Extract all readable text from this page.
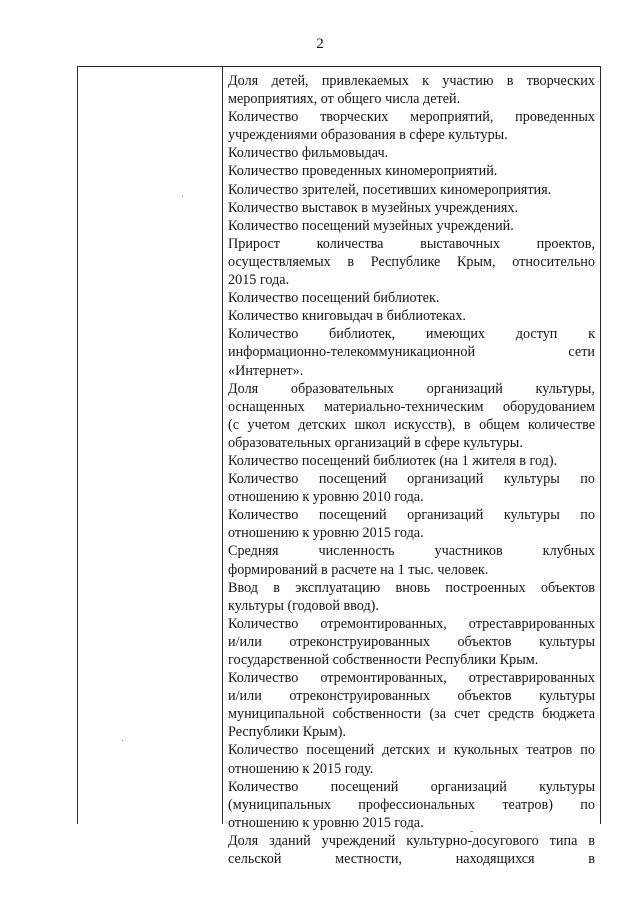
2
Доля детей, привлекаемых к участию в творческих
мероприятиях, от общего числа детей.
Количество творческих мероприятий, проведенных
учреждениями образования в сфере культуры.
Количество фильмовыдач.
Количество проведенных киномероприятий.
Количество зрителей, посетивших киномероприятия.
Количество выставок в музейных учреждениях.
Количество посещений музейных учреждений.
Прирост количества выставочных проектов,
осуществляемых в Республике Крым, относительно
2015 года.
Количество посещений библиотек.
Количество книговыдач в библиотеках.
Количество библиотек, имеющих доступ к
информационно-телекоммуникационной сети
«Интернет».
Доля образовательных организаций культуры,
оснащенных материально-техническим оборудованием
(с учетом детских школ искусств), в общем количестве
образовательных организаций в сфере культуры.
Количество посещений библиотек (на 1 жителя в год).
Количество посещений организаций культуры по
отношению к уровню 2010 года.
Количество посещений организаций культуры по
отношению к уровню 2015 года.
Средняя численность участников клубных
формирований в расчете на 1 тыс. человек.
Ввод в эксплуатацию вновь построенных объектов
культуры (годовой ввод).
Количество отремонтированных, отреставрированных
и/или отреконструированных объектов культуры
государственной собственности Республики Крым.
Количество отремонтированных, отреставрированных
и/или отреконструированных объектов культуры
муниципальной собственности (за счет средств бюджета
Республики Крым).
Количество посещений детских и кукольных театров по
отношению к 2015 году.
Количество посещений организаций культуры
(муниципальных профессиональных театров) по
отношению к уровню 2015 года.
Доля зданий учреждений культурно-досугового типа в
сельской местности, находящихся в
